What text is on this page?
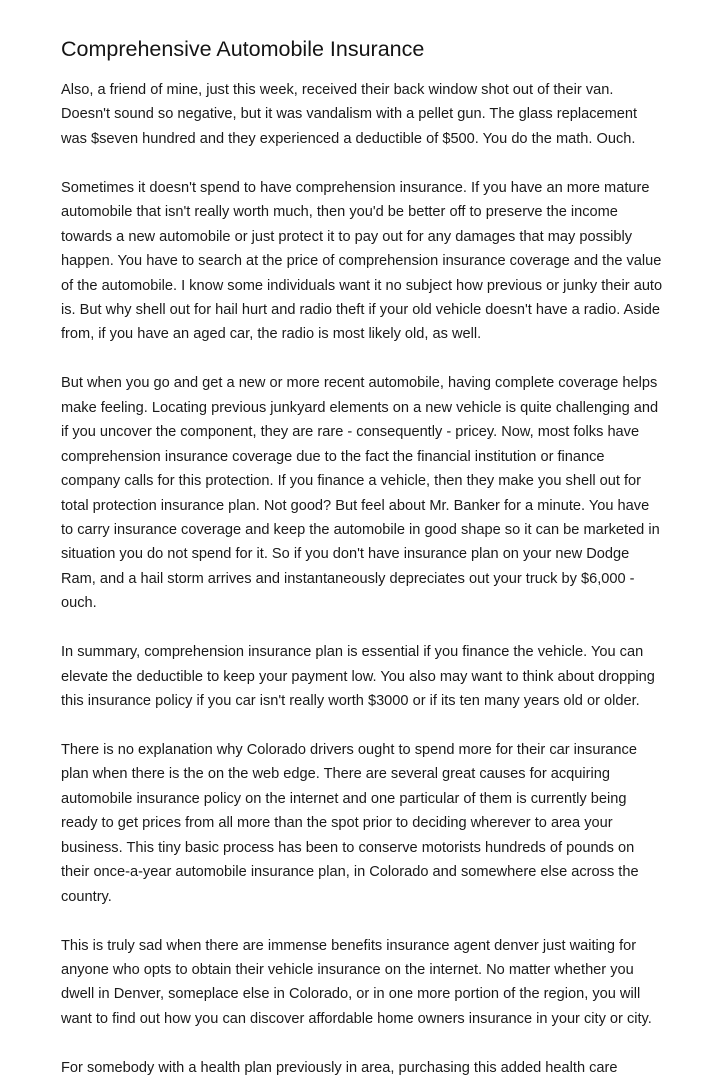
Comprehensive Automobile Insurance

Also, a friend of mine, just this week, received their back window shot out of their van.
Doesn't sound so negative, but it was vandalism with a pellet gun. The glass replacement
was $seven hundred and they experienced a deductible of $500. You do the math. Ouch.

Sometimes it doesn't spend to have comprehension insurance. If you have an more mature
automobile that isn't really worth much, then you'd be better off to preserve the income
towards a new automobile or just protect it to pay out for any damages that may possibly
happen. You have to search at the price of comprehension insurance coverage and the value
of the automobile. I know some individuals want it no subject how previous or junky their auto
is. But why shell out for hail hurt and radio theft if your old vehicle doesn't have a radio. Aside
from, if you have an aged car, the radio is most likely old, as well.

But when you go and get a new or more recent automobile, having complete coverage helps
make feeling. Locating previous junkyard elements on a new vehicle is quite challenging and
if you uncover the component, they are rare - consequently - pricey. Now, most folks have
comprehension insurance coverage due to the fact the financial institution or finance
company calls for this protection. If you finance a vehicle, then they make you shell out for
total protection insurance plan. Not good? But feel about Mr. Banker for a minute. You have
to carry insurance coverage and keep the automobile in good shape so it can be marketed in
situation you do not spend for it. So if you don't have insurance plan on your new Dodge
Ram, and a hail storm arrives and instantaneously depreciates out your truck by $6,000 -
ouch.

In summary, comprehension insurance plan is essential if you finance the vehicle. You can
elevate the deductible to keep your payment low. You also may want to think about dropping
this insurance policy if you car isn't really worth $3000 or if its ten many years old or older.

There is no explanation why Colorado drivers ought to spend more for their car insurance
plan when there is the on the web edge. There are several great causes for acquiring
automobile insurance policy on the internet and one particular of them is currently being
ready to get prices from all more than the spot prior to deciding wherever to area your
business. This tiny basic process has been to conserve motorists hundreds of pounds on
their once-a-year automobile insurance plan, in Colorado and somewhere else across the
country.

This is truly sad when there are immense benefits insurance agent denver just waiting for
anyone who opts to obtain their vehicle insurance on the internet. No matter whether you
dwell in Denver, someplace else in Colorado, or in one more portion of the region, you will
want to find out how you can discover affordable home owners insurance in your city or city.

For somebody with a health plan previously in area, purchasing this added health care
